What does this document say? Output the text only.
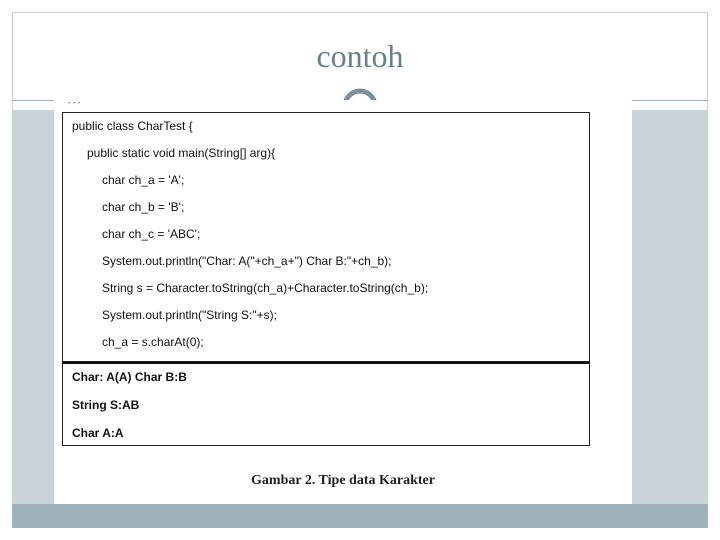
contoh
- - -
public class CharTest {
public static void main(String[] arg){
char ch_a = 'A';
char ch_b = 'B';
char ch_c = 'ABC';
System.out.println("Char: A("+ch_a+") Char B:"+ch_b);
String s = Character.toString(ch_a)+Character.toString(ch_b);
System.out.println("String S:"+s);
ch_a = s.charAt(0);
Char: A(A) Char B:B
String S:AB
Char A:A
Gambar 2. Tipe data Karakter
